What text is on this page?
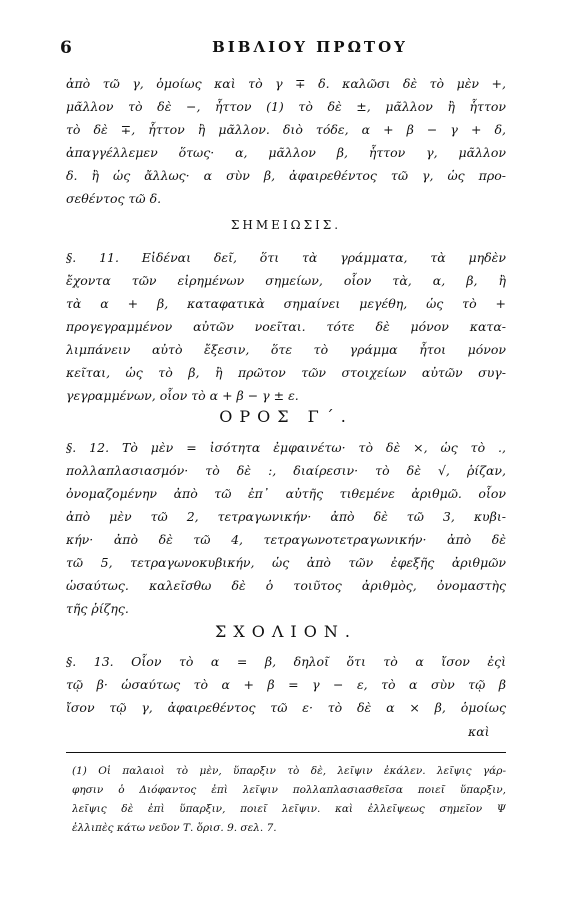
6	ΒΙΒΛΙΟΥ ΠΡΩΤΟΥ
ἀπὸ τῶ γ, ὁμοίως καὶ τὸ γ ∓ δ. καλῶσι δὲ τὸ μὲν +,
μᾶλλον τὸ δὲ −, ἧττον (1) τὸ δὲ ±, μᾶλλον ἢ ἧττον
τὸ δὲ ∓, ἧττον ἢ μᾶλλον. διὸ τόδε, α + β − γ + δ,
ἀπαγγέλλεμεν ὅτως· α, μᾶλλον β, ἧττον γ, μᾶλλον
δ. ἢ ὡς ἄλλως· α σὺν β, ἀφαιρεθέντος τῶ γ, ὡς προ-
σεθέντος τῶ δ.
ΣΗΜΕΙΩΣΙΣ.
§. 11. Εἰδέναι δεῖ, ὅτι τὰ γράμματα, τὰ μηδὲν
ἔχοντα τῶν εἰρημένων σημείων, οἷον τὰ, α, β, ἢ
τὰ α + β, καταφατικὰ σημαίνει μεγέθη, ὡς τὸ +
προγεγραμμένον αὐτῶν νοεῖται. τότε δὲ μόνον κατα-
λιμπάνειν αὐτὸ ἔξεσιν, ὅτε τὸ γράμμα ἦτοι μόνον
κεῖται, ὡς τὸ β, ἢ πρῶτον τῶν στοιχείων αὐτῶν συγ-
γεγραμμένων, οἷον τὸ α + β − γ ± ε.
ΟΡΟΣ Γ΄.
§. 12. Τὸ μὲν = ἰσότητα ἐμφαινέτω· τὸ δὲ ×, ὡς τὸ .,
πολλαπλασιασμόν· τὸ δὲ :, διαίρεσιν· τὸ δὲ √, ῥίζαν,
ὀνομαζομένην ἀπὸ τῶ ἐπ᾽ αὐτῆς τιθεμένε ἀριθμῶ. οἷον
ἀπὸ μὲν τῶ 2, τετραγωνικήν· ἀπὸ δὲ τῶ 3, κυβι-
κήν· ἀπὸ δὲ τῶ 4, τετραγωνοτετραγωνικήν· ἀπὸ δὲ
τῶ 5, τετραγωνοκυβικήν, ὡς ἀπὸ τῶν ἐφεξῆς ἀριθμῶν
ὡσαύτως. καλεῖσθω δὲ ὁ τοιῦτος ἀριθμὸς, ὀνομαστὴς
τῆς ῥίζης.
ΣΧΟΛΙΟΝ.
§. 13. Οἷον τὸ α = β, δηλοῖ ὅτι τὸ α ἴσον ἐςὶ
τῷ β· ὡσαύτως τὸ α + β = γ − ε, τὸ α σὺν τῷ β
ἴσον τῷ γ, ἀφαιρεθέντος τῶ ε· τὸ δὲ α × β, ὁμοίως
καὶ
(1) Οἱ παλαιοὶ τὸ μὲν, ὕπαρξιν τὸ δὲ, λεῖψιν ἐκάλεν. λεῖψις γάρ-
φησιν ὁ Διόφαντος ἐπὶ λεῖψιν πολλαπλασιασθεῖσα ποιεῖ ὕπαρξιν,
λεῖψις δὲ ἐπὶ ὕπαρξιν, ποιεῖ λεῖψιν. καὶ ἐλλεῖψεως σημεῖον Ψ
ἐλλιπὲς κάτω νεῦον Τ. ὅρισ. 9. σελ. 7.
